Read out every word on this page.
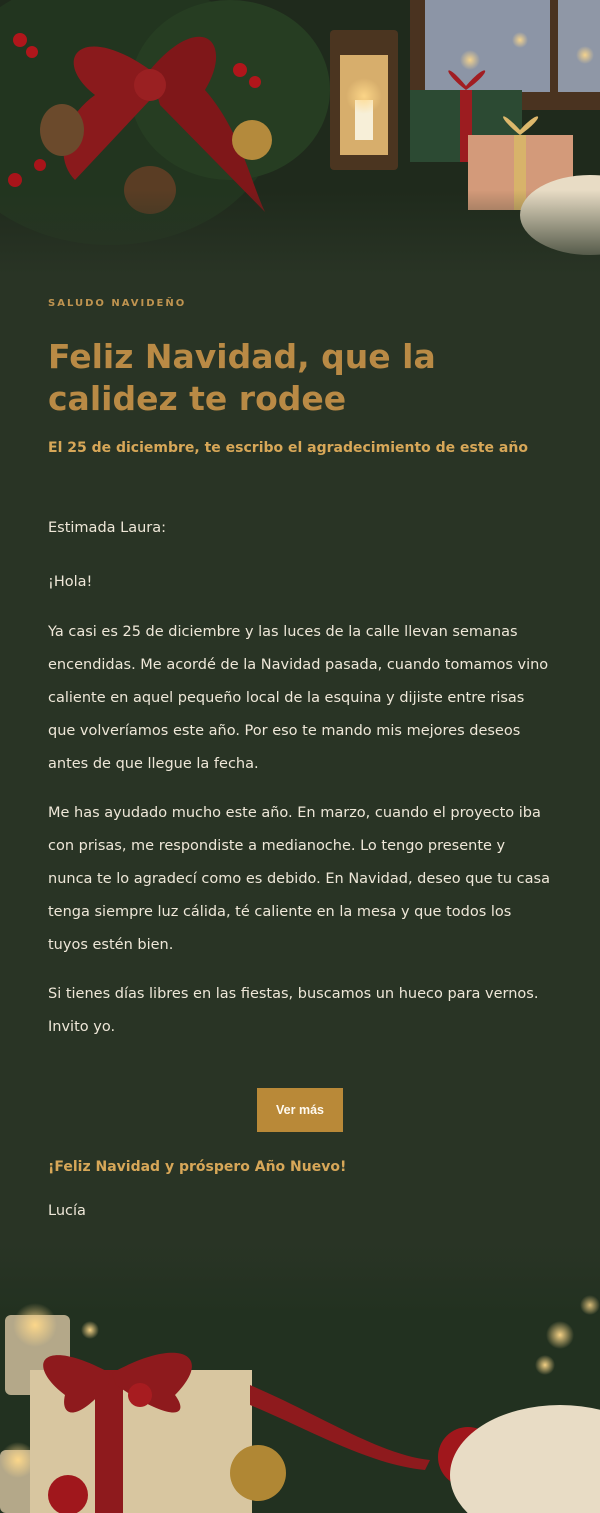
SALUDO NAVIDEÑO

Feliz Navidad, que la calidez te rodee

El 25 de diciembre, te escribo el agradecimiento de este año

Estimada Laura:

¡Hola!

Ya casi es 25 de diciembre y las luces de la calle llevan semanas encendidas. Me acordé de la Navidad pasada, cuando tomamos vino caliente en aquel pequeño local de la esquina y dijiste entre risas que volveríamos este año. Por eso te mando mis mejores deseos antes de que llegue la fecha.

Me has ayudado mucho este año. En marzo, cuando el proyecto iba con prisas, me respondiste a medianoche. Lo tengo presente y nunca te lo agradecí como es debido. En Navidad, deseo que tu casa tenga siempre luz cálida, té caliente en la mesa y que todos los tuyos estén bien.

Si tienes días libres en las fiestas, buscamos un hueco para vernos. Invito yo.

Ver más
¡Feliz Navidad y próspero Año Nuevo!
Lucía
